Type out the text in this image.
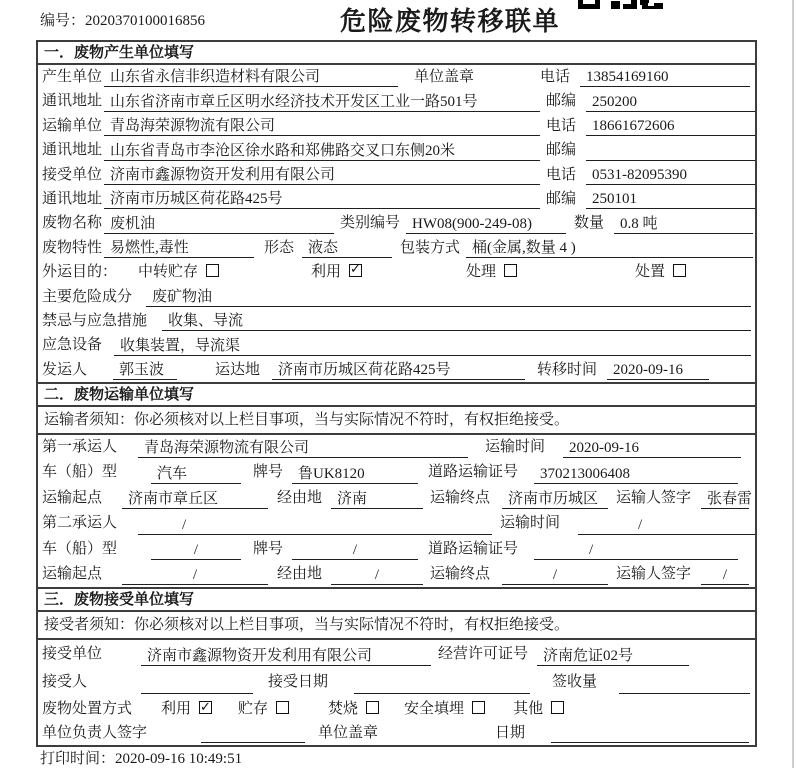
编号：2020370100016856	危险废物转移联单
一．废物产生单位填写
产生单位 山东省永信非织造材料有限公司	单位盖章	电话 13854169160
通讯地址 山东省济南市章丘区明水经济技术开发区工业一路501号	邮编 250200
运输单位 青岛海荣源物流有限公司	电话 18661672606
通讯地址 山东省青岛市李沧区徐水路和郑佛路交叉口东侧20米	邮编
接受单位 济南市鑫源物资开发利用有限公司	电话 0531-82095390
通讯地址 济南市历城区荷花路425号	邮编 250101
废物名称 废机油	类别编号 HW08(900-249-08)	数量 0.8 吨
废物特性 易燃性,毒性	形态 液态	包装方式 桶(金属,数量 4 )
外运目的： 中转贮存	利用 ✓	处理	处置
主要危险成分 废矿物油
禁忌与应急措施 收集、导流
应急设备 收集装置，导流渠
发运人 郭玉波	运达地 济南市历城区荷花路425号	转移时间 2020-09-16
二．废物运输单位填写
运输者须知：你必须核对以上栏目事项，当与实际情况不符时，有权拒绝接受。
第一承运人 青岛海荣源物流有限公司	运输时间 2020-09-16
车（船）型	汽车	牌号 鲁UK8120	道路运输证号 370213006408
运输起点 济南市章丘区	经由地 济南	运输终点 济南市历城区 运输人签字 张春雷
第二承运人	/	运输时间	/
车（船）型	/	牌号	/	道路运输证号	/
运输起点	/	经由地	/	运输终点	/	运输人签字 /
三．废物接受单位填写
接受者须知：你必须核对以上栏目事项，当与实际情况不符时，有权拒绝接受。
接受单位	济南市鑫源物资开发利用有限公司	经营许可证号 济南危证02号
接受人	接受日期	签收量
废物处置方式 利用 ✓	贮存	焚烧	安全填埋	其他
单位负责人签字	单位盖章	日期
打印时间：2020-09-16 10:49:51
